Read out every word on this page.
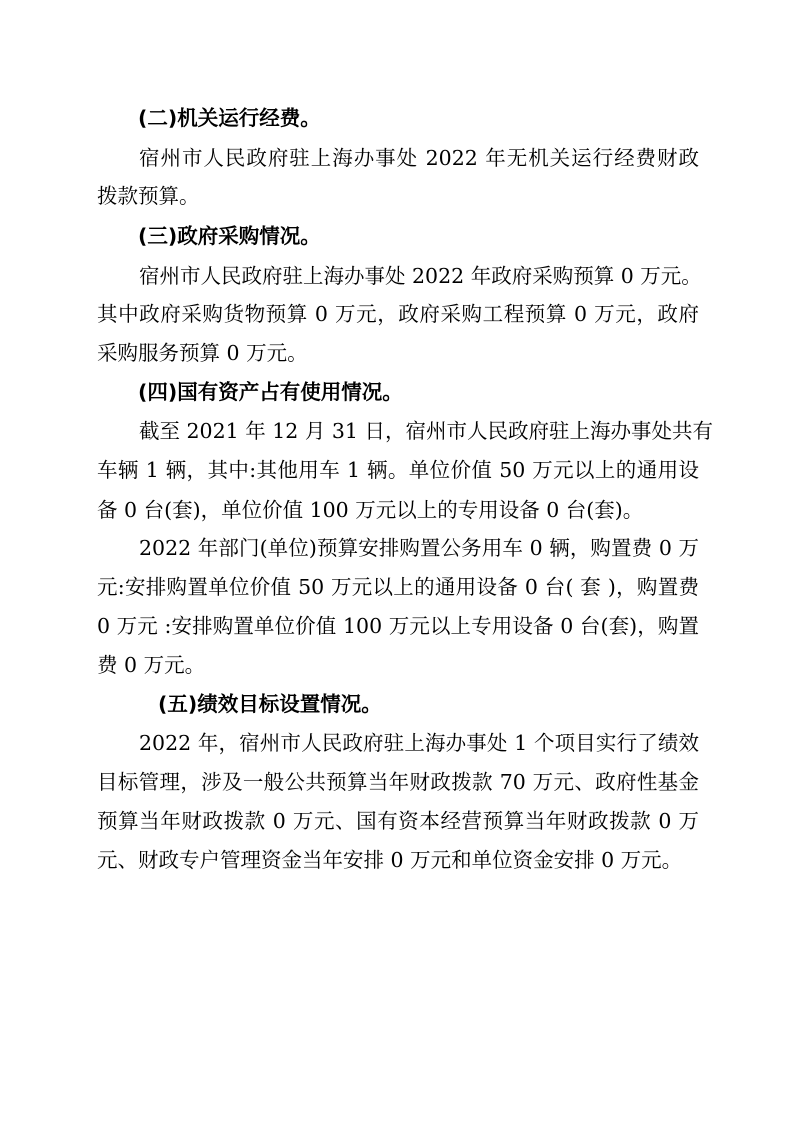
(二)机关运行经费。
宿州市人民政府驻上海办事处 2022 年无机关运行经费财政
拨款预算。
(三)政府采购情况。
宿州市人民政府驻上海办事处 2022 年政府采购预算 0 万元。
其中政府采购货物预算 0 万元，政府采购工程预算 0 万元，政府
采购服务预算 0 万元。
(四)国有资产占有使用情况。
截至 2021 年 12 月 31 日，宿州市人民政府驻上海办事处共有
车辆 1 辆，其中:其他用车 1 辆。单位价值 50 万元以上的通用设
备 0 台(套)，单位价值 100 万元以上的专用设备 0 台(套)。
2022 年部门(单位)预算安排购置公务用车 0 辆，购置费 0 万
元:安排购置单位价值 50 万元以上的通用设备 0 台( 套 )，购置费
0 万元 :安排购置单位价值 100 万元以上专用设备 0 台(套)，购置
费 0 万元。
(五)绩效目标设置情况。
2022 年，宿州市人民政府驻上海办事处 1 个项目实行了绩效
目标管理，涉及一般公共预算当年财政拨款 70 万元、政府性基金
预算当年财政拨款 0 万元、国有资本经营预算当年财政拨款 0 万
元、财政专户管理资金当年安排 0 万元和单位资金安排 0 万元。
